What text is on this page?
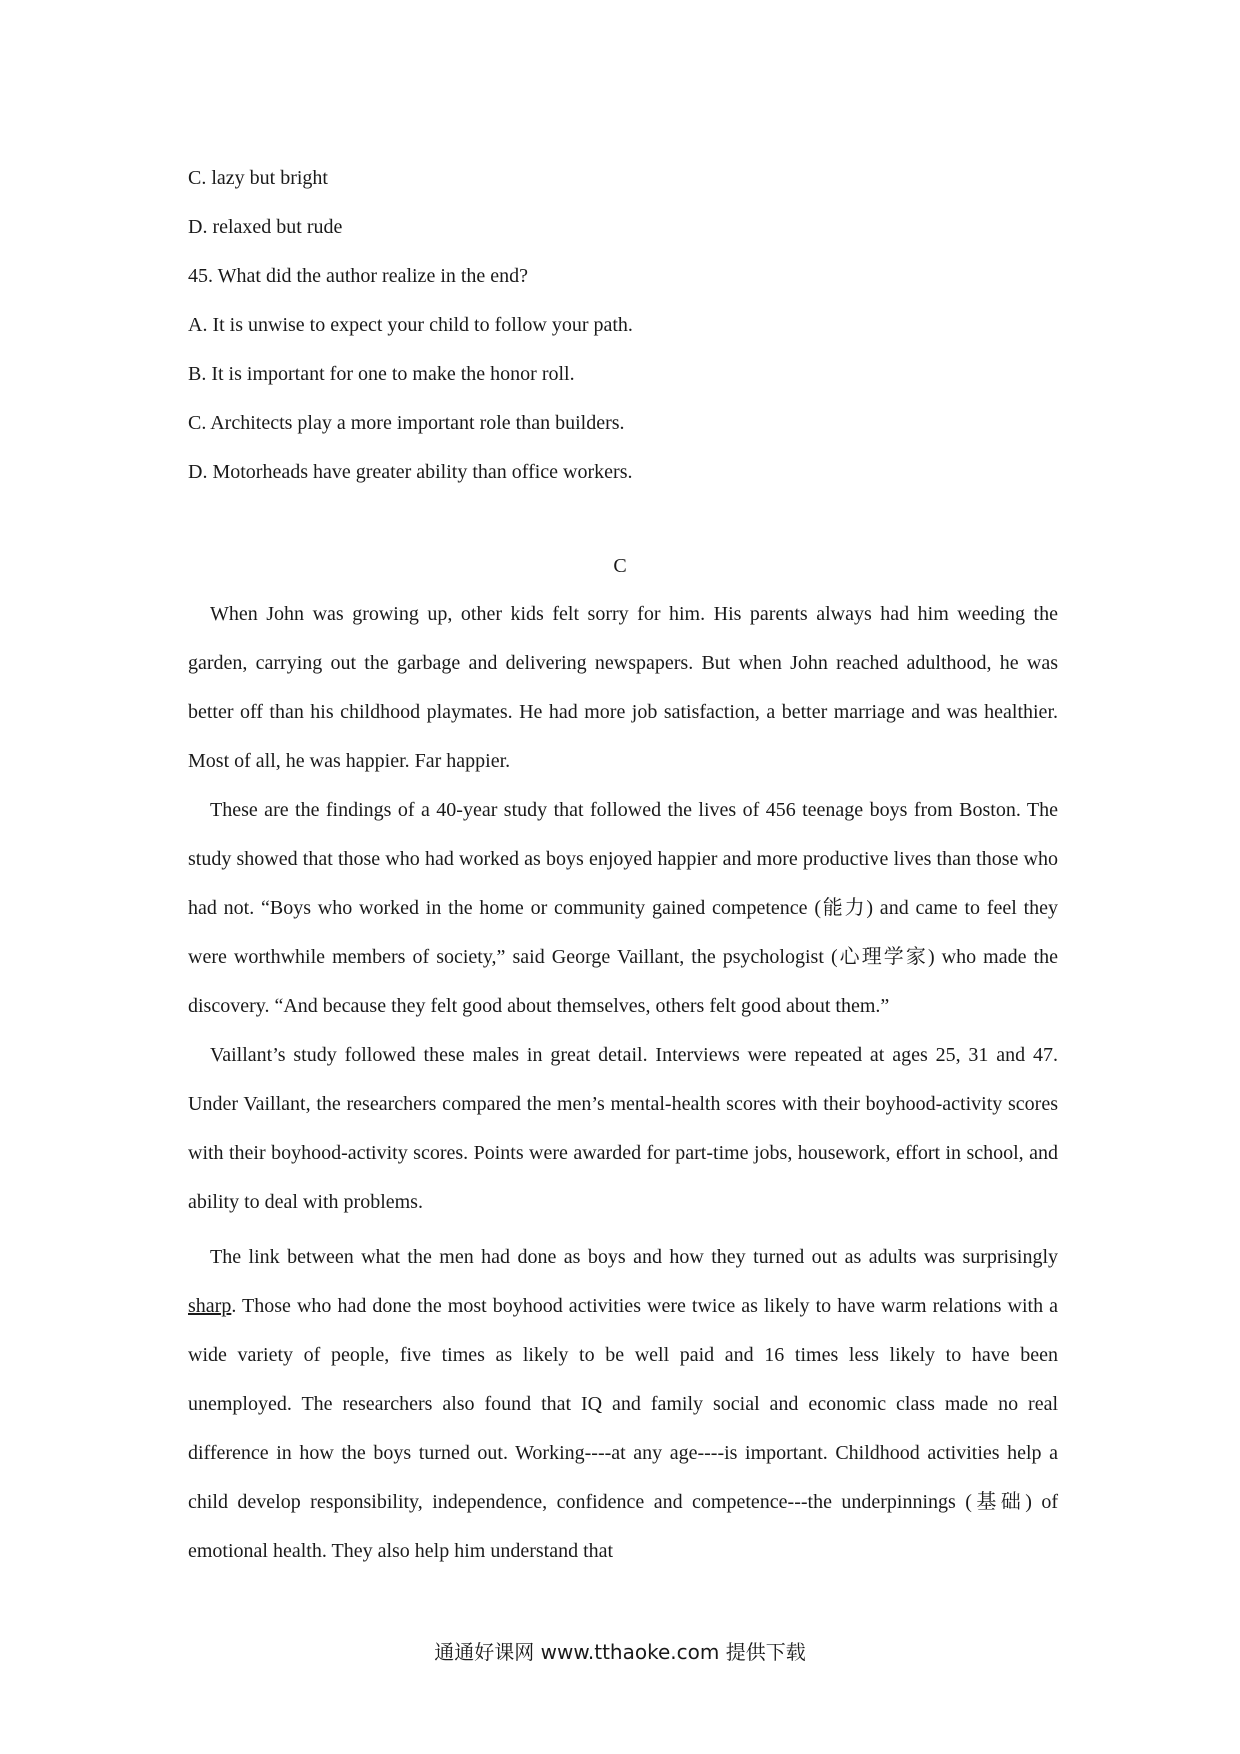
C. lazy but bright

D. relaxed but rude

45. What did the author realize in the end?

A. It is unwise to expect your child to follow your path.

B. It is important for one to make the honor roll.

C. Architects play a more important role than builders.

D. Motorheads have greater ability than office workers.

C

When John was growing up, other kids felt sorry for him. His parents always had him weeding the garden, carrying out the garbage and delivering newspapers. But when John reached adulthood, he was better off than his childhood playmates. He had more job satisfaction, a better marriage and was healthier. Most of all, he was happier. Far happier.

These are the findings of a 40-year study that followed the lives of 456 teenage boys from Boston. The study showed that those who had worked as boys enjoyed happier and more productive lives than those who had not. “Boys who worked in the home or community gained competence (能力) and came to feel they were worthwhile members of society,” said George Vaillant, the psychologist (心理学家) who made the discovery. “And because they felt good about themselves, others felt good about them.”

Vaillant’s study followed these males in great detail. Interviews were repeated at ages 25, 31 and 47. Under Vaillant, the researchers compared the men’s mental-health scores with their boyhood-activity scores with their boyhood-activity scores. Points were awarded for part-time jobs, housework, effort in school, and ability to deal with problems.

The link between what the men had done as boys and how they turned out as adults was surprisingly sharp. Those who had done the most boyhood activities were twice as likely to have warm relations with a wide variety of people, five times as likely to be well paid and 16 times less likely to have been unemployed. The researchers also found that IQ and family social and economic class made no real difference in how the boys turned out. Working----at any age----is important. Childhood activities help a child develop responsibility, independence, confidence and competence---the underpinnings (基础) of emotional health. They also help him understand that

通通好课网 www.tthaoke.com 提供下载
